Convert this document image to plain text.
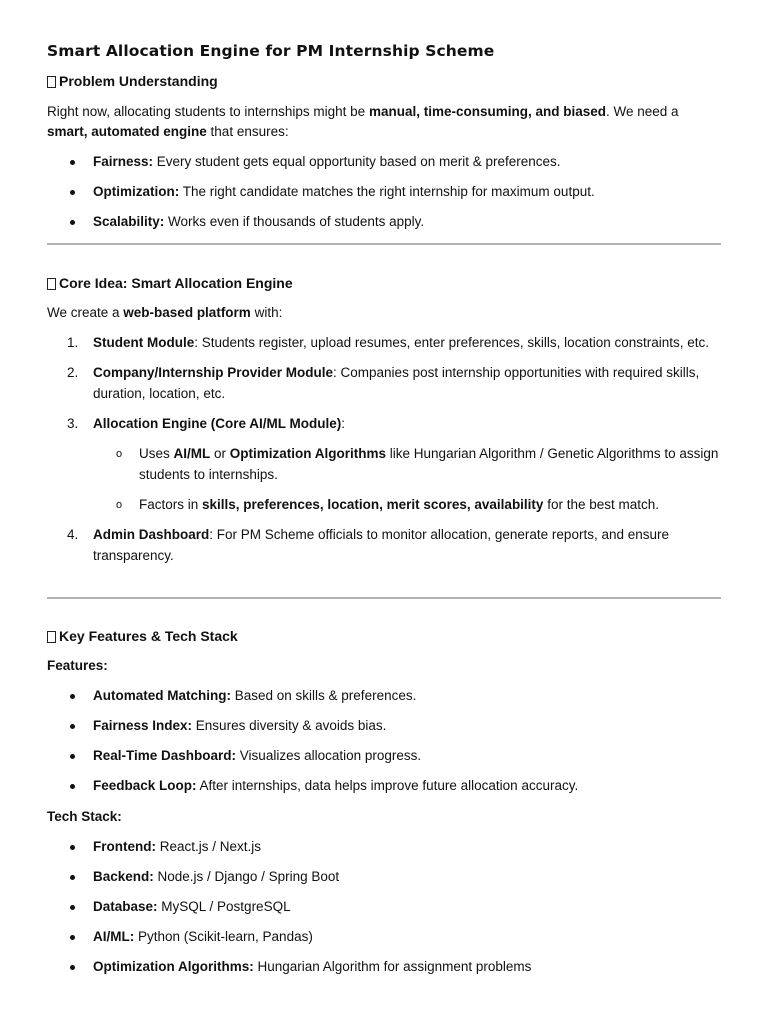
Smart Allocation Engine for PM Internship Scheme
Problem Understanding

Right now, allocating students to internships might be manual, time-consuming, and biased. We need a
smart, automated engine that ensures:

Fairness: Every student gets equal opportunity based on merit & preferences.
Optimization: The right candidate matches the right internship for maximum output.
Scalability: Works even if thousands of students apply.
Core Idea: Smart Allocation Engine

We create a web-based platform with:

1. Student Module: Students register, upload resumes, enter preferences, skills, location constraints, etc.
2. Company/Internship Provider Module: Companies post internship opportunities with required skills, duration, location, etc.
3. Allocation Engine (Core AI/ML Module):
o Uses AI/ML or Optimization Algorithms like Hungarian Algorithm / Genetic Algorithms to assign students to internships.
o Factors in skills, preferences, location, merit scores, availability for the best match.
4. Admin Dashboard: For PM Scheme officials to monitor allocation, generate reports, and ensure transparency.
Key Features & Tech Stack

Features:

Automated Matching: Based on skills & preferences.
Fairness Index: Ensures diversity & avoids bias.
Real-Time Dashboard: Visualizes allocation progress.
Feedback Loop: After internships, data helps improve future allocation accuracy.

Tech Stack:

Frontend: React.js / Next.js
Backend: Node.js / Django / Spring Boot
Database: MySQL / PostgreSQL
AI/ML: Python (Scikit-learn, Pandas)
Optimization Algorithms: Hungarian Algorithm for assignment problems
